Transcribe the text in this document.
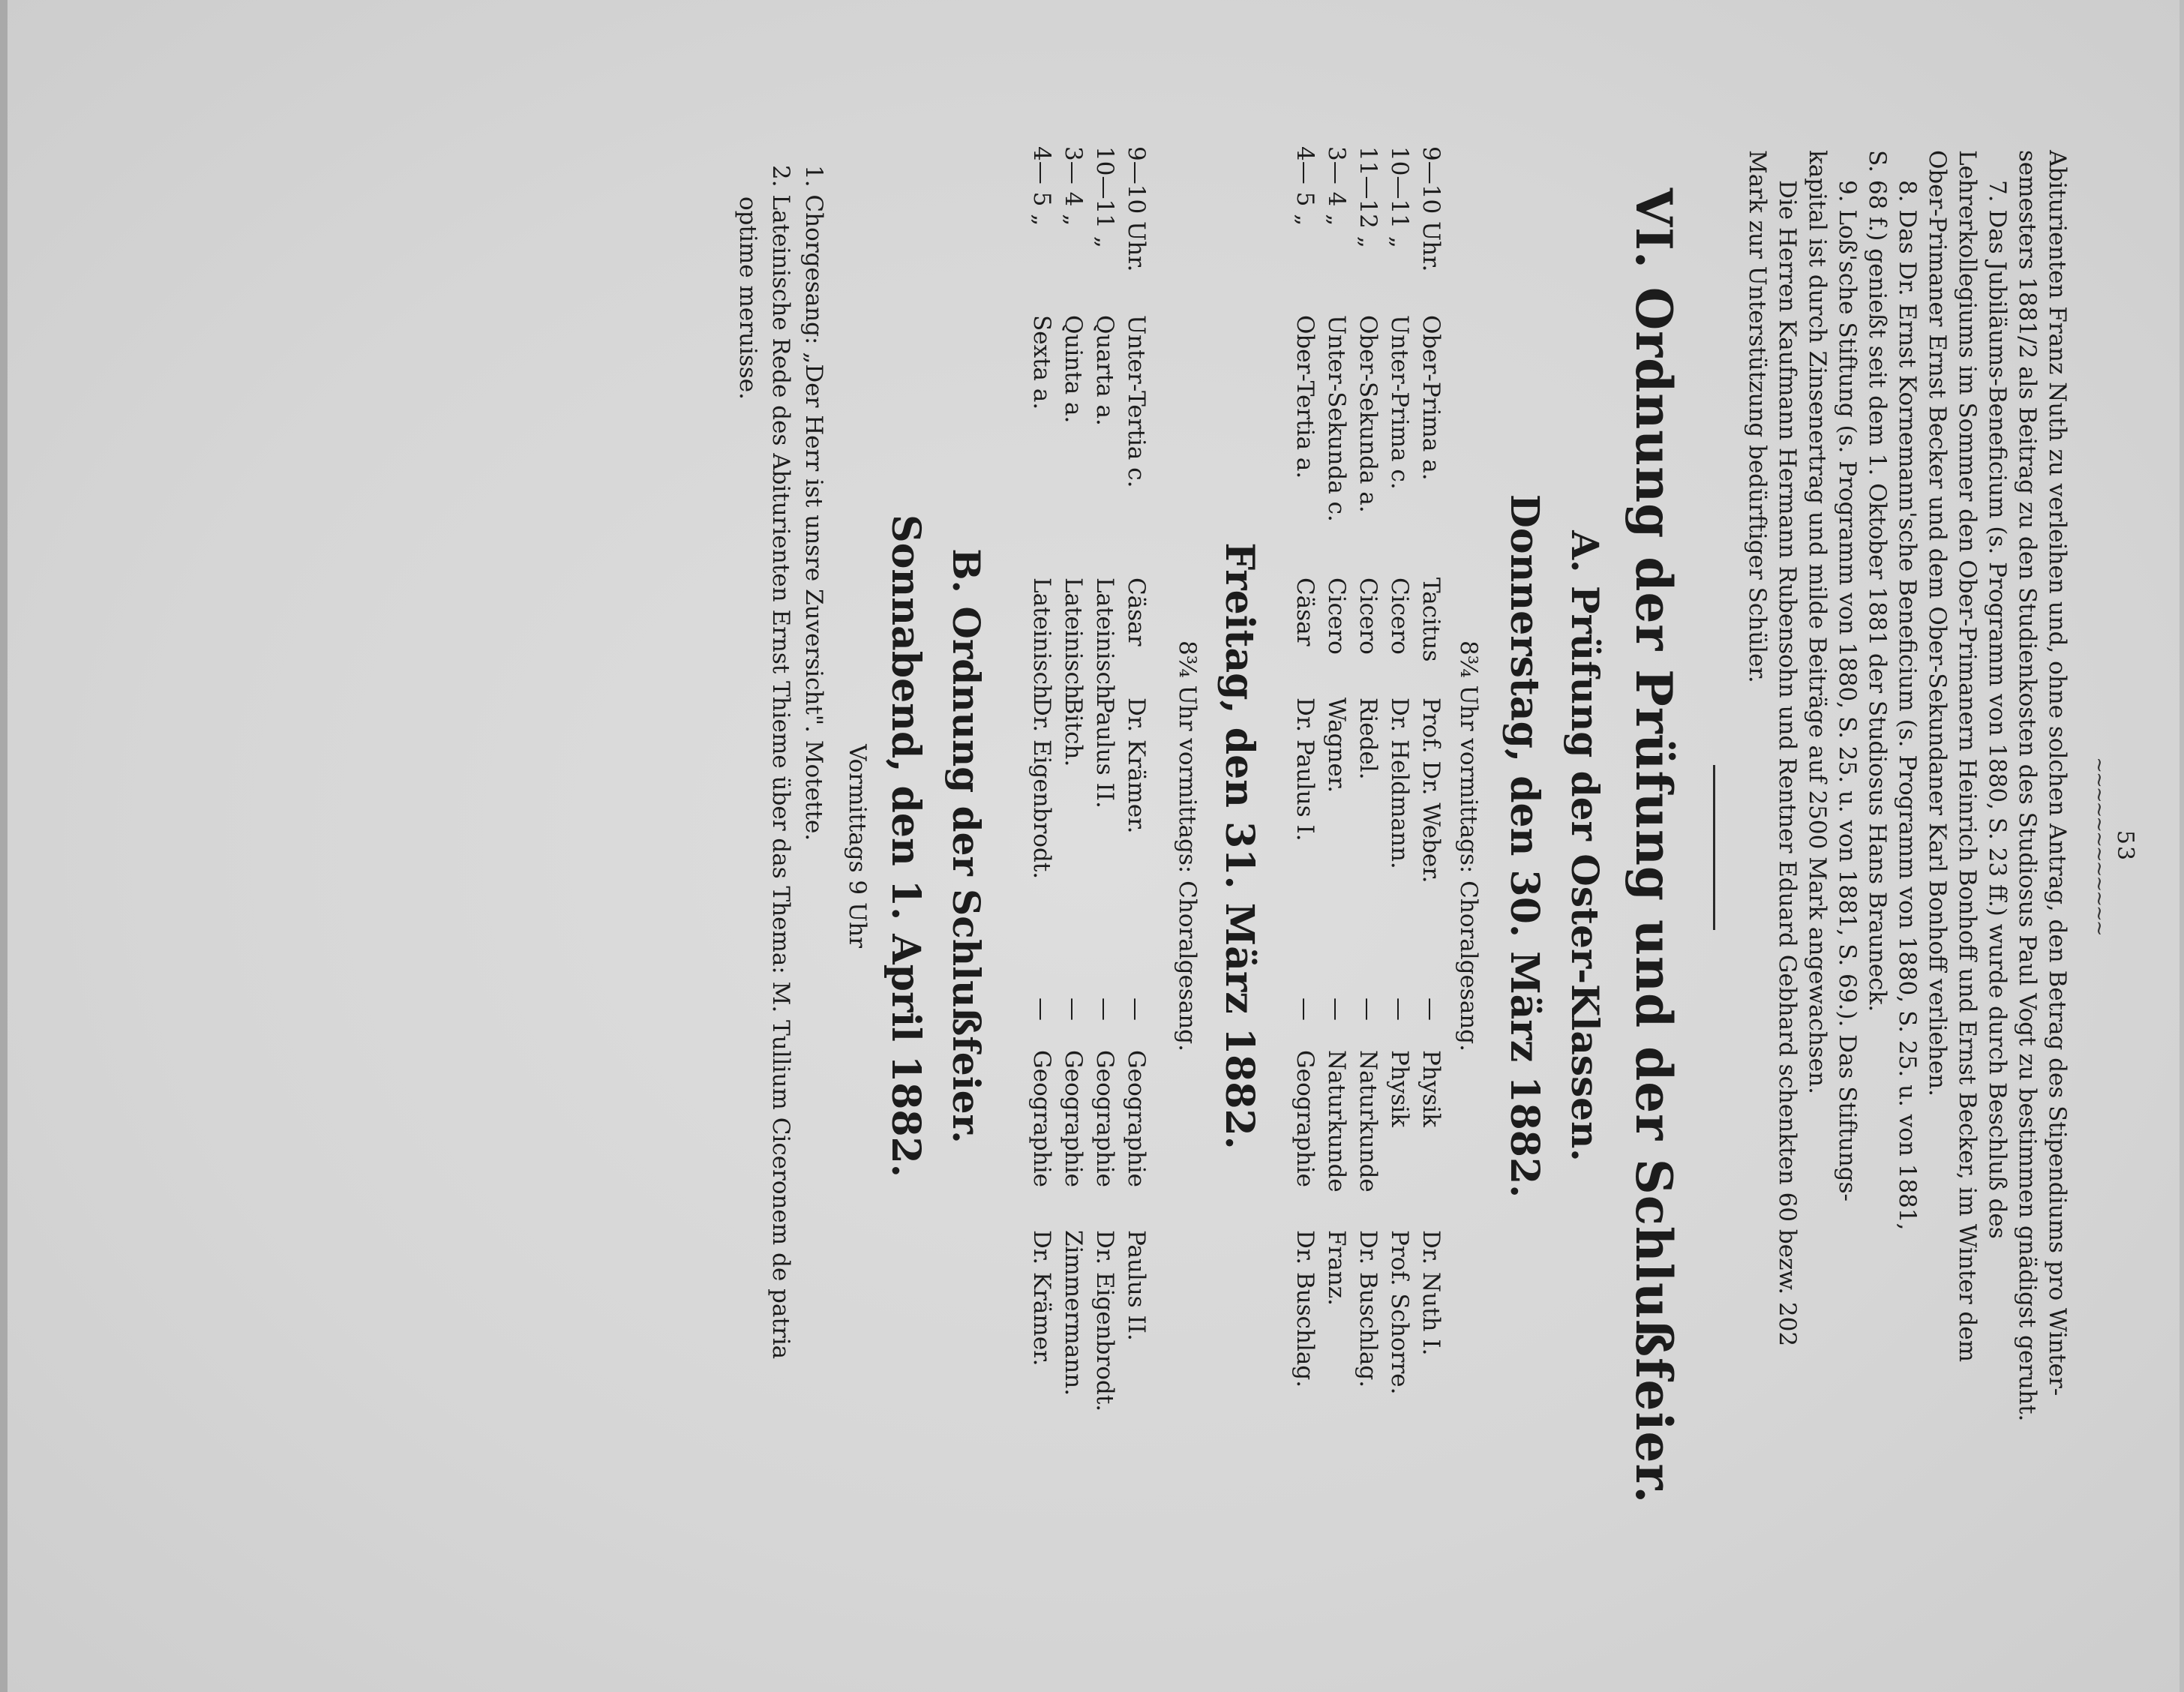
53
~~~~~~~~~~~~
Abiturienten Franz Nuth zu verleihen und, ohne solchen Antrag, den Betrag des Stipendiums pro Winter-
semesters 1881/2 als Beitrag zu den Studienkosten des Studiosus Paul Vogt zu bestimmen gnädigst geruht.
7. Das Jubiläums-Beneficium (s. Programm von 1880, S. 23 ff.) wurde durch Beschluß des
Lehrerkollegiums im Sommer den Ober-Primanern Heinrich Bonhoff und Ernst Becker, im Winter dem
Ober-Primaner Ernst Becker und dem Ober-Sekundaner Karl Bonhoff verliehen.
8. Das Dr. Ernst Kornemann'sche Beneficium (s. Programm von 1880, S. 25. u. von 1881,
S. 68 f.) genießt seit dem 1. Oktober 1881 der Studiosus Hans Brauneck.
9. Loß'sche Stiftung (s. Programm von 1880, S. 25. u. von 1881, S. 69.). Das Stiftungs-
kapital ist durch Zinsenertrag und milde Beiträge auf 2500 Mark angewachsen.
Die Herren Kaufmann Hermann Rubensohn und Rentner Eduard Gebhard schenkten 60 bezw. 202
Mark zur Unterstützung bedürftiger Schüler.
VI. Ordnung der Prüfung und der Schlußfeier.
A. Prüfung der Oster-Klassen.
Donnerstag, den 30. März 1882.
8¾ Uhr vormittags: Choralgesang.
9—10 Uhr.
Ober-Prima a.
Tacitus
Prof. Dr. Weber.
—
Physik
Dr. Nuth I.
10—11 „
Unter-Prima c.
Cicero
Dr. Heldmann.
—
Physik
Prof. Schorre.
11—12 „
Ober-Sekunda a.
Cicero
Riedel.
—
Naturkunde
Dr. Buschlag.
3— 4 „
Unter-Sekunda c.
Cicero
Wagner.
—
Naturkunde
Franz.
4— 5 „
Ober-Tertia a.
Cäsar
Dr. Paulus I.
—
Geographie
Dr. Buschlag.
Freitag, den 31. März 1882.
8¾ Uhr vormittags: Choralgesang.
9—10 Uhr.
Unter-Tertia c.
Cäsar
Dr. Krämer.
—
Geographie
Paulus II.
10—11 „
Quarta a.
Lateinisch
Paulus II.
—
Geographie
Dr. Eigenbrodt.
3— 4 „
Quinta a.
Lateinisch
Bitch.
—
Geographie
Zimmermann.
4— 5 „
Sexta a.
Lateinisch
Dr. Eigenbrodt.
—
Geographie
Dr. Krämer.
B. Ordnung der Schlußfeier.
Sonnabend, den 1. April 1882.
Vormittags 9 Uhr
1. Chorgesang: „Der Herr ist unsre Zuversicht". Motette.
2. Lateinische Rede des Abiturienten Ernst Thieme über das Thema: M. Tullium Ciceronem de patria
optime meruisse.
